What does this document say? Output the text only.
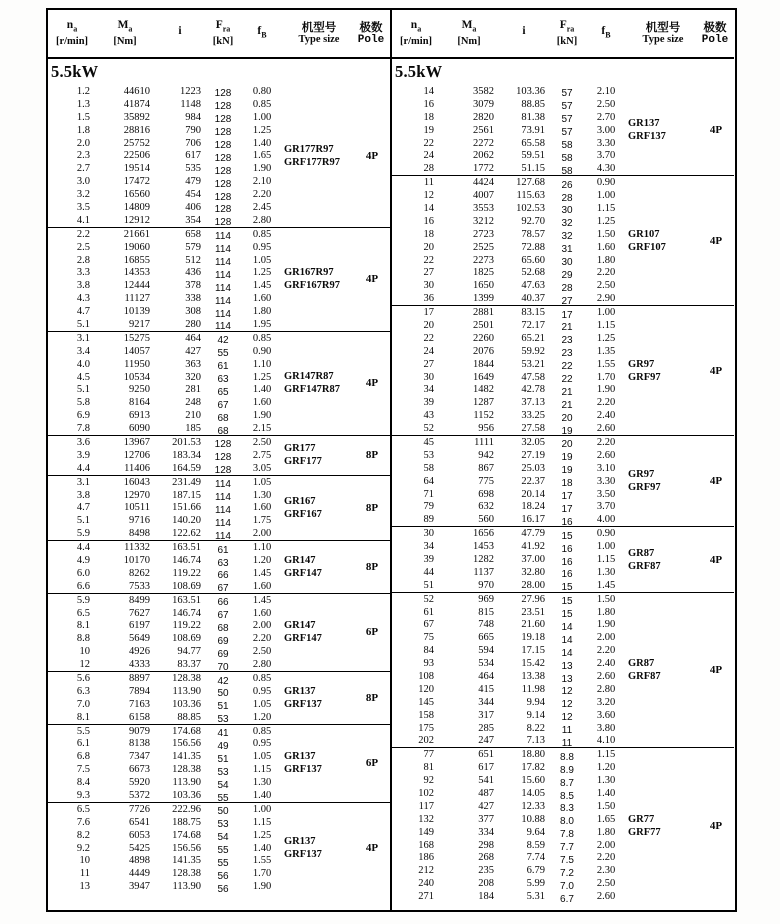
$n_a$
[r/min]
$M_a$
[Nm]
i	$F_{ra}$
[kN]
$f_B$
机型号
Type size
极数
Pole
5.5kW
1.2	44610	1223	128	0.80
1.3	41874	1148	128	0.85
1.5	35892	984	128	1.00
1.8	28816	790	128	1.25
2.0	25752	706	128	1.40
2.3	22506	617	128	1.65
2.7	19514	535	128	1.90
3.0	17472	479	128	2.10
3.2	16560	454	128	2.20
3.5	14809	406	128	2.45
4.1	12912	354	128	2.80
GR177R97
GRF177R97
4P
2.2	21661	658	114	0.85
2.5	19060	579	114	0.95
2.8	16855	512	114	1.05
3.3	14353	436	114	1.25
3.8	12444	378	114	1.45
4.3	11127	338	114	1.60
4.7	10139	308	114	1.80
5.1	9217	280	114	1.95
GR167R97
GRF167R97
4P
3.1	15275	464	42	0.85
3.4	14057	427	55	0.90
4.0	11950	363	61	1.10
4.5	10534	320	63	1.25
5.1	9250	281	65	1.40
5.8	8164	248	67	1.60
6.9	6913	210	68	1.90
7.8	6090	185	68	2.15
GR147R87
GRF147R87
4P
3.6	13967	201.53	128	2.50
3.9	12706	183.34	128	2.75
4.4	11406	164.59	128	3.05
GR177
GRF177
8P
3.1	16043	231.49	114	1.05
3.8	12970	187.15	114	1.30
4.7	10511	151.66	114	1.60
5.1	9716	140.20	114	1.75
5.9	8498	122.62	114	2.00
GR167
GRF167
8P
4.4	11332	163.51	61	1.10
4.9	10170	146.74	63	1.20
6.0	8262	119.22	66	1.45
6.6	7533	108.69	67	1.60
GR147
GRF147
8P
5.9	8499	163.51	66	1.45
6.5	7627	146.74	67	1.60
8.1	6197	119.22	68	2.00
8.8	5649	108.69	69	2.20
10	4926	94.77	69	2.50
12	4333	83.37	70	2.80
GR147
GRF147
6P
5.6	8897	128.38	42	0.85
6.3	7894	113.90	50	0.95
7.0	7163	103.36	51	1.05
8.1	6158	88.85	53	1.20
GR137
GRF137
8P
5.5	9079	174.68	41	0.85
6.1	8138	156.56	49	0.95
6.8	7347	141.35	51	1.05
7.5	6673	128.38	53	1.15
8.4	5920	113.90	54	1.30
9.3	5372	103.36	55	1.40
GR137
GRF137
6P
6.5	7726	222.96	50	1.00
7.6	6541	188.75	53	1.15
8.2	6053	174.68	54	1.25
9.2	5425	156.56	55	1.40
10	4898	141.35	55	1.55
11	4449	128.38	56	1.70
13	3947	113.90	56	1.90
GR137
GRF137
4P
$n_a$
[r/min]
$M_a$
[Nm]
i	$F_{ra}$
[kN]
$f_B$
机型号
Type size
极数
Pole
5.5kW
14	3582	103.36	57	2.10
16	3079	88.85	57	2.50
18	2820	81.38	57	2.70
19	2561	73.91	57	3.00
22	2272	65.58	58	3.30
24	2062	59.51	58	3.70
28	1772	51.15	58	4.30
GR137
GRF137
4P
11	4424	127.68	26	0.90
12	4007	115.63	28	1.00
14	3553	102.53	30	1.15
16	3212	92.70	32	1.25
18	2723	78.57	32	1.50
20	2525	72.88	31	1.60
22	2273	65.60	30	1.80
27	1825	52.68	29	2.20
30	1650	47.63	28	2.50
36	1399	40.37	27	2.90
GR107
GRF107
4P
17	2881	83.15	17	1.00
20	2501	72.17	21	1.15
22	2260	65.21	23	1.25
24	2076	59.92	23	1.35
27	1844	53.21	22	1.55
30	1649	47.58	22	1.70
34	1482	42.78	21	1.90
39	1287	37.13	21	2.20
43	1152	33.25	20	2.40
52	956	27.58	19	2.60
GR97
GRF97
4P
45	1111	32.05	20	2.20
53	942	27.19	19	2.60
58	867	25.03	19	3.10
64	775	22.37	18	3.30
71	698	20.14	17	3.50
79	632	18.24	17	3.70
89	560	16.17	16	4.00
GR97
GRF97
4P
30	1656	47.79	15	0.90
34	1453	41.92	16	1.00
39	1282	37.00	16	1.15
44	1137	32.80	16	1.30
51	970	28.00	15	1.45
GR87
GRF87
4P
52	969	27.96	15	1.50
61	815	23.51	15	1.80
67	748	21.60	14	1.90
75	665	19.18	14	2.00
84	594	17.15	14	2.20
93	534	15.42	13	2.40
108	464	13.38	13	2.60
120	415	11.98	12	2.80
145	344	9.94	12	3.20
158	317	9.14	12	3.60
175	285	8.22	11	3.80
202	247	7.13	11	4.10
GR87
GRF87
4P
77	651	18.80	8.8	1.15
81	617	17.82	8.9	1.20
92	541	15.60	8.7	1.30
102	487	14.05	8.5	1.40
117	427	12.33	8.3	1.50
132	377	10.88	8.0	1.65
149	334	9.64	7.8	1.80
168	298	8.59	7.7	2.00
186	268	7.74	7.5	2.20
212	235	6.79	7.2	2.30
240	208	5.99	7.0	2.50
271	184	5.31	6.7	2.60
GR77
GRF77
4P
